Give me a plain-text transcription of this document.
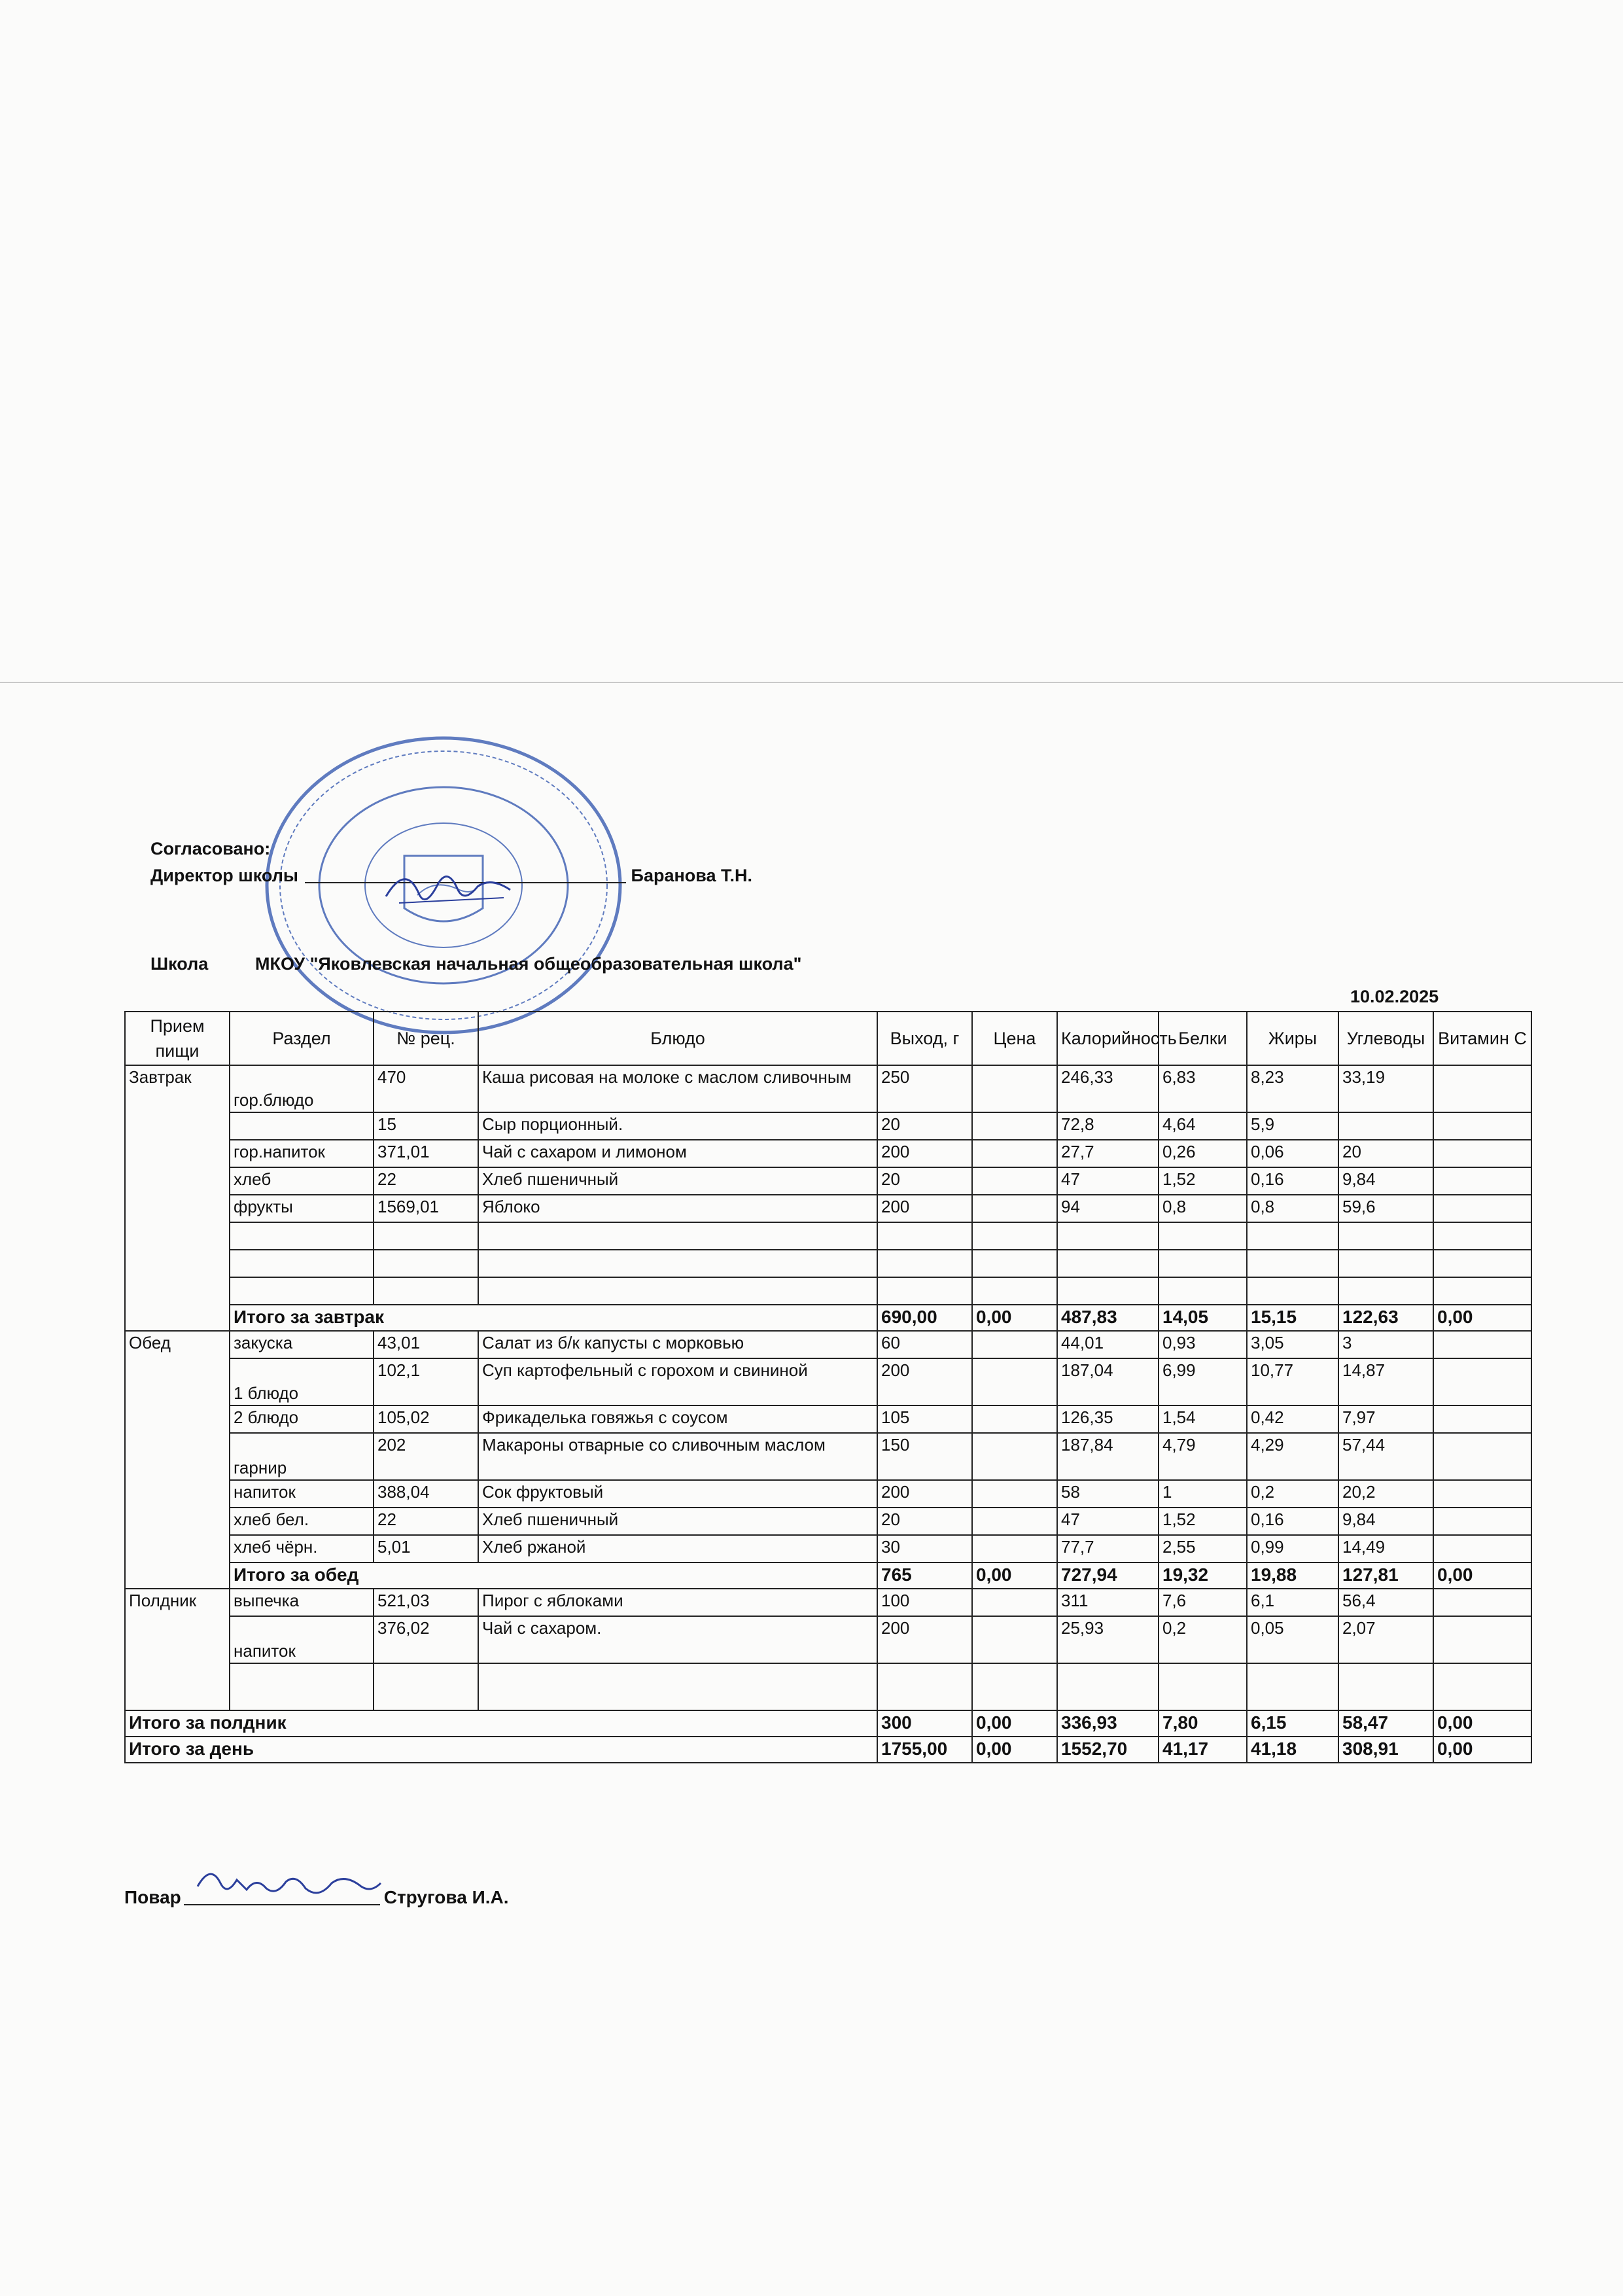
Согласовано:
Директор школы	Баранова Т.Н.
Школа	МКОУ "Яковлевская начальная общеобразовательная школа"
10.02.2025
Прием пищи	Раздел	№ рец.	Блюдо	Выход, г	Цена	Калорийность	Белки	Жиры	Углеводы	Витамин С
Завтрак	гор.блюдо	470	Каша рисовая на молоке с маслом сливочным	250		246,33	6,83	8,23	33,19	
		15	Сыр порционный.	20		72,8	4,64	5,9		
	гор.напиток	371,01	Чай с сахаром и лимоном	200		27,7	0,26	0,06	20	
	хлеб	22	Хлеб пшеничный	20		47	1,52	0,16	9,84	
	фрукты	1569,01	Яблоко	200		94	0,8	0,8	59,6	

	Итого за завтрак			690,00	0,00	487,83	14,05	15,15	122,63	0,00
Обед	закуска	43,01	Салат из б/к капусты с морковью	60		44,01	0,93	3,05	3	
	1 блюдо	102,1	Суп картофельный с горохом и свининой	200		187,04	6,99	10,77	14,87	
	2 блюдо	105,02	Фрикаделька говяжья с соусом	105		126,35	1,54	0,42	7,97	
	гарнир	202	Макароны отварные со сливочным маслом	150		187,84	4,79	4,29	57,44	
	напиток	388,04	Сок фруктовый	200		58	1	0,2	20,2	
	хлеб бел.	22	Хлеб пшеничный	20		47	1,52	0,16	9,84	
	хлеб чёрн.	5,01	Хлеб ржаной	30		77,7	2,55	0,99	14,49	
	Итого за обед			765	0,00	727,94	19,32	19,88	127,81	0,00
Полдник	выпечка	521,03	Пирог с яблоками	100		311	7,6	6,1	56,4	
	напиток	376,02	Чай с сахаром.	200		25,93	0,2	0,05	2,07	

Итого за полдник				300	0,00	336,93	7,80	6,15	58,47	0,00
Итого за день				1755,00	0,00	1552,70	41,17	41,18	308,91	0,00
Повар	Стругова И.А.
